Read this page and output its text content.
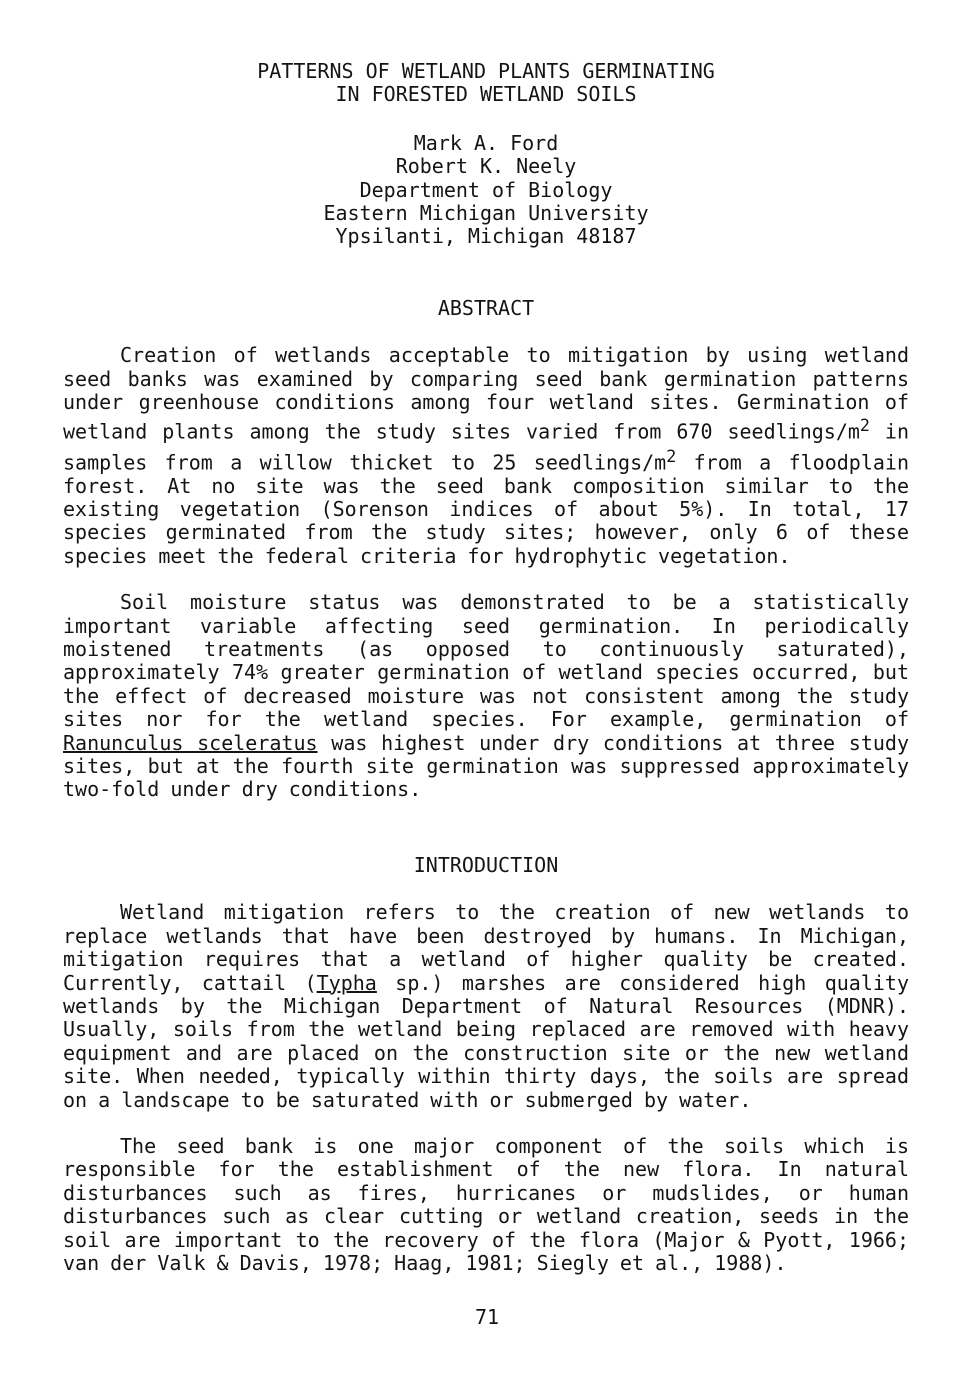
PATTERNS OF WETLAND PLANTS GERMINATING
IN FORESTED WETLAND SOILS
Mark A. Ford
Robert K. Neely
Department of Biology
Eastern Michigan University
Ypsilanti, Michigan 48187
ABSTRACT

Creation of wetlands acceptable to mitigation by using wetland seed banks was examined by comparing seed bank germination patterns under greenhouse conditions among four wetland sites. Germination of wetland plants among the study sites varied from 670 seedlings/$m^2$ in samples from a willow thicket to 25 seedlings/$m^2$ from a floodplain forest. At no site was the seed bank composition similar to the existing vegetation (Sorenson indices of about 5%). In total, 17 species germinated from the study sites; however, only 6 of these species meet the federal criteria for hydrophytic vegetation.

Soil moisture status was demonstrated to be a statistically important variable affecting seed germination. In periodically moistened treatments (as opposed to continuously saturated), approximately 74% greater germination of wetland species occurred, but the effect of decreased moisture was not consistent among the study sites nor for the wetland species. For example, germination of Ranunculus sceleratus was highest under dry conditions at three study sites, but at the fourth site germination was suppressed approximately two-fold under dry conditions.

INTRODUCTION

Wetland mitigation refers to the creation of new wetlands to replace wetlands that have been destroyed by humans. In Michigan, mitigation requires that a wetland of higher quality be created. Currently, cattail (Typha sp.) marshes are considered high quality wetlands by the Michigan Department of Natural Resources (MDNR). Usually, soils from the wetland being replaced are removed with heavy equipment and are placed on the construction site or the new wetland site. When needed, typically within thirty days, the soils are spread on a landscape to be saturated with or submerged by water.

The seed bank is one major component of the soils which is responsible for the establishment of the new flora. In natural disturbances such as fires, hurricanes or mudslides, or human disturbances such as clear cutting or wetland creation, seeds in the soil are important to the recovery of the flora (Major & Pyott, 1966; van der Valk & Davis, 1978; Haag, 1981; Siegly et al., 1988).

71
